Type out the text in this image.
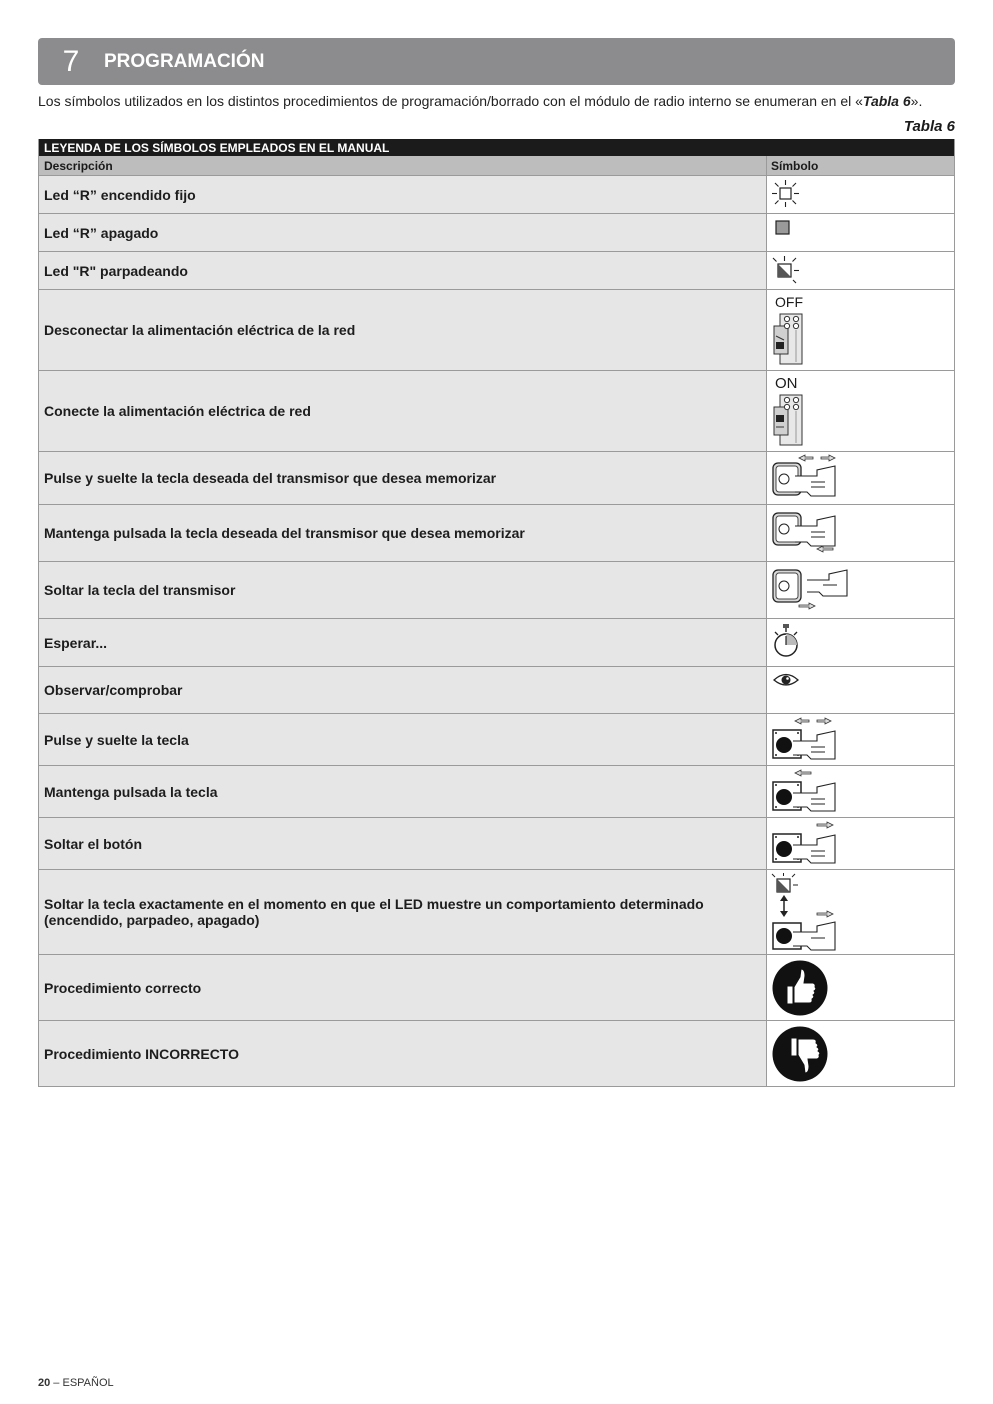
7	PROGRAMACIÓN
Los símbolos utilizados en los distintos procedimientos de programación/borrado con el módulo de radio interno se enumeran en el «Tabla 6».
Tabla 6
LEYENDA DE LOS SÍMBOLOS EMPLEADOS EN EL MANUAL
Descripción	Símbolo
Led “R” encendido fijo
Led “R” apagado
Led "R" parpadeando
Desconectar la alimentación eléctrica de la red
OFF
Conecte la alimentación eléctrica de red
ON
Pulse y suelte la tecla deseada del transmisor que desea memorizar
Mantenga pulsada la tecla deseada del transmisor que desea memorizar
Soltar la tecla del transmisor
Esperar...
Observar/comprobar
Pulse y suelte la tecla
Mantenga pulsada la tecla
Soltar el botón
Soltar la tecla exactamente en el momento en que el LED muestre un comportamiento determinado (encendido, parpadeo, apagado)
Procedimiento correcto
Procedimiento INCORRECTO
20 – ESPAÑOL
